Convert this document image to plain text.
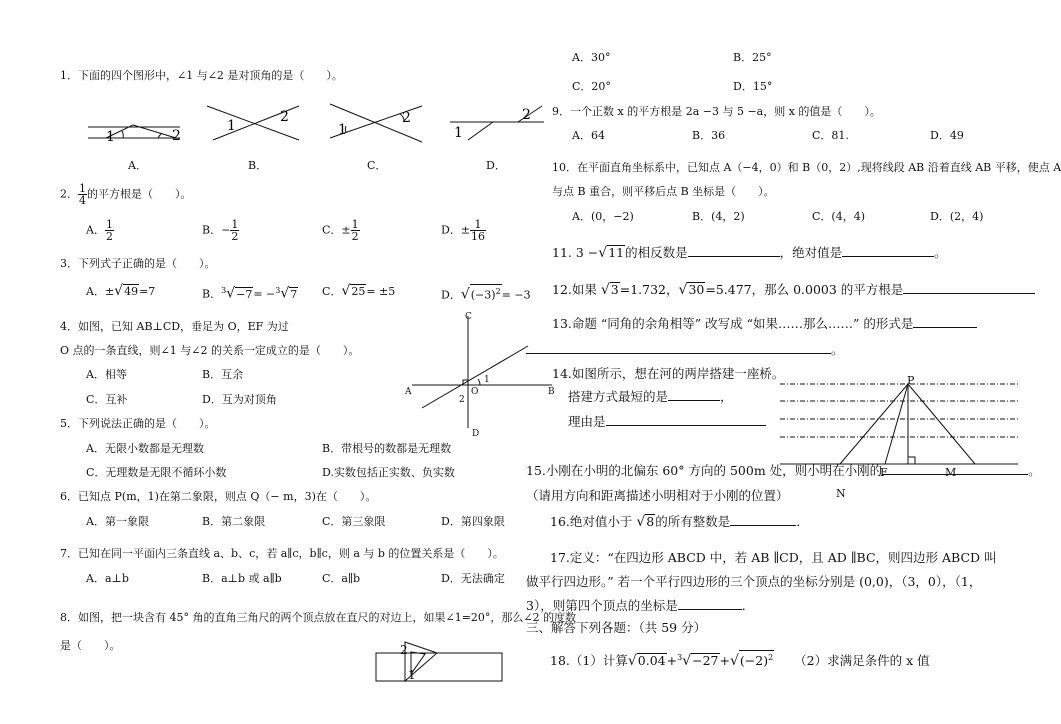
1．下面的四个图形中，∠1 与∠2 是对顶角的是（　　）。
1	2
1
2
1
2
1
2
A．	B．	C．	D．
2． $\frac{1}{4}$ 的平方根是（　　）。
A． $\frac{1}{2}$	B．− $\frac{1}{2}$	C．± $\frac{1}{2}$	D．± $\frac{1}{16}$
3．下列式子正确的是（　　）。
A．±√49=7	B．$^3$√−7= −$^3$√7 C．√25= ±5	D．$√(-3)^2= -3$
4．如图，已知 AB⊥CD，垂足为 O，EF 为过
O 点的一条直线，则∠1 与∠2 的关系一定成立的是（　　）。
A．相等	B．互余
C．互补	D．互为对顶角
C
D
A	B
O
1
2
5．下列说法正确的是（　　）。
A．无限小数都是无理数	B．带根号的数都是无理数
C．无理数是无限不循环小数	D.实数包括正实数、负实数
6．已知点 P(m，1)在第二象限，则点 Q（− m，3)在（　　）。
A．第一象限	B．第二象限	C．第三象限	D．第四象限
7．已知在同一平面内三条直线 a、b、c，若 a∥c，b∥c，则 a 与 b 的位置关系是（　　）。
A．a⊥b	B．a⊥b 或 a∥b	C．a∥b	D．无法确定
8．如图，把一块含有 45° 角的直角三角尺的两个顶点放在直尺的对边上，如果∠1=20°，那么∠2 的度数
是（　　）。	2
1
A．30°	B．25°
C．20°	D．15°
9．一个正数 x 的平方根是 2a −3 与 5 −a，则 x 的值是（　　）。
A．64	B．36	C．81.	D．49
10．在平面直角坐标系中，已知点 A（−4，0）和 B（0，2）,现将线段 AB 沿着直线 AB 平移，使点 A
与点 B 重合，则平移后点 B 坐标是（　　）。
A．(0，−2)	B．(4，2)	C．(4，4)	D．(2，4)
11. 3 −√11的相反数是	，绝对值是	。
12.如果 √3=1.732，√30=5.477，那么 0.0003 的平方根是
13.命题 “同角的余角相等” 改写成 “如果……那么……” 的形式是
。
14.如图所示，想在河的两岸搭建一座桥。
搭建方式最短的是	，
理由是
P
F	M
N
15.小刚在小明的北偏东 60° 方向的 500m 处，则小明在小刚的	。
（请用方向和距离描述小明相对于小刚的位置）
16.绝对值小于 √8的所有整数是	.
17.定义：“在四边形 ABCD 中，若 AB ∥CD，且 AD ∥BC，则四边形 ABCD 叫
做平行四边形。” 若一个平行四边形的三个顶点的坐标分别是 (0,0)，（3，0），（1，
3），则第四个顶点的坐标是	.
三、解答下列各题：（共 59 分）
18.（1）计算$√0.04+^3√-27+√(-2)^2$ （2）求满足条件的 x 值
